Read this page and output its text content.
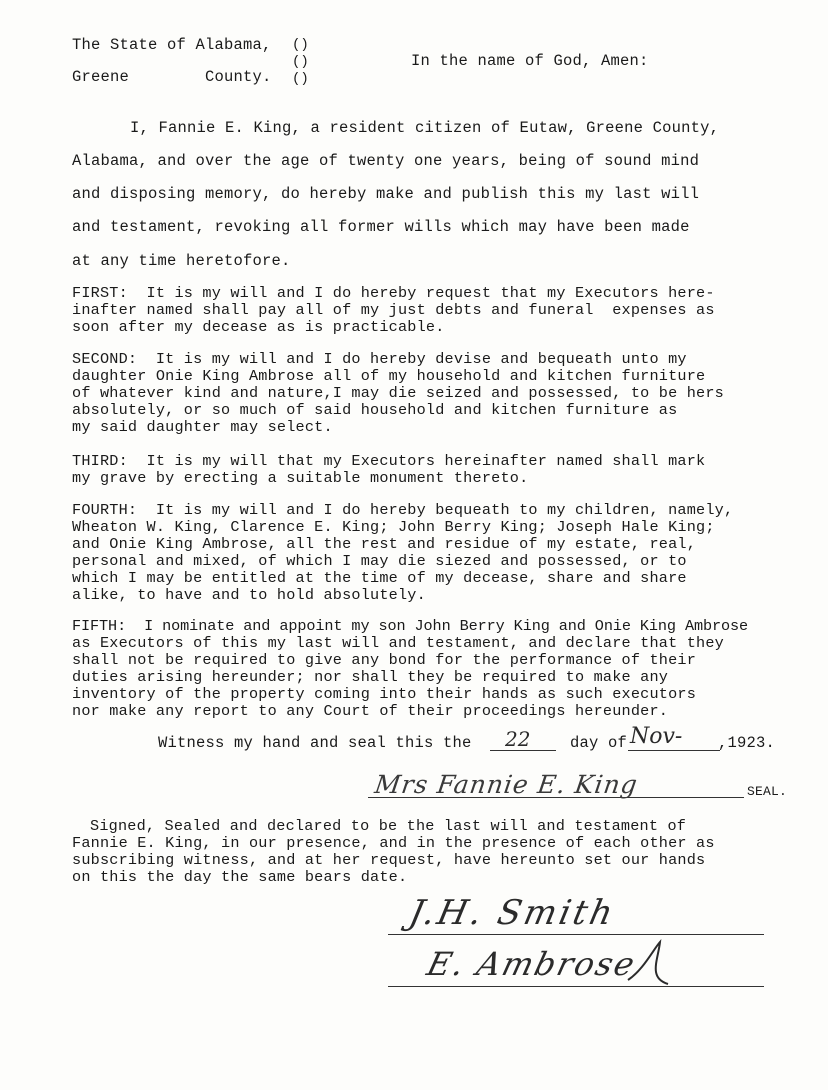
The State of Alabama,
Greene        County.
()
()
()
In the name of God, Amen:
I, Fannie E. King, a resident citizen of Eutaw, Greene County,
Alabama, and over the age of twenty one years, being of sound mind
and disposing memory, do hereby make and publish this my last will
and testament, revoking all former wills which may have been made
at any time heretofore.
FIRST:  It is my will and I do hereby request that my Executors here-
inafter named shall pay all of my just debts and funeral  expenses as
soon after my decease as is practicable.
SECOND:  It is my will and I do hereby devise and bequeath unto my
daughter Onie King Ambrose all of my household and kitchen furniture
of whatever kind and nature,I may die seized and possessed, to be hers
absolutely, or so much of said household and kitchen furniture as
my said daughter may select.
THIRD:  It is my will that my Executors hereinafter named shall mark
my grave by erecting a suitable monument thereto.
FOURTH:  It is my will and I do hereby bequeath to my children, namely,
Wheaton W. King, Clarence E. King; John Berry King; Joseph Hale King;
and Onie King Ambrose, all the rest and residue of my estate, real,
personal and mixed, of which I may die siezed and possessed, or to
which I may be entitled at the time of my decease, share and share
alike, to have and to hold absolutely.
FIFTH:  I nominate and appoint my son John Berry King and Onie King Ambrose
as Executors of this my last will and testament, and declare that they
shall not be required to give any bond for the performance of their
duties arising hereunder; nor shall they be required to make any
inventory of the property coming into their hands as such executors
nor make any report to any Court of their proceedings hereunder.
Witness my hand and seal this the 22	day of Nov- ,1923.
Mrs Fannie E. King	SEAL.
Signed, Sealed and declared to be the last will and testament of
Fannie E. King, in our presence, and in the presence of each other as
subscribing witness, and at her request, have hereunto set our hands
on this the day the same bears date.
J.H. Smith
E. Ambrose
